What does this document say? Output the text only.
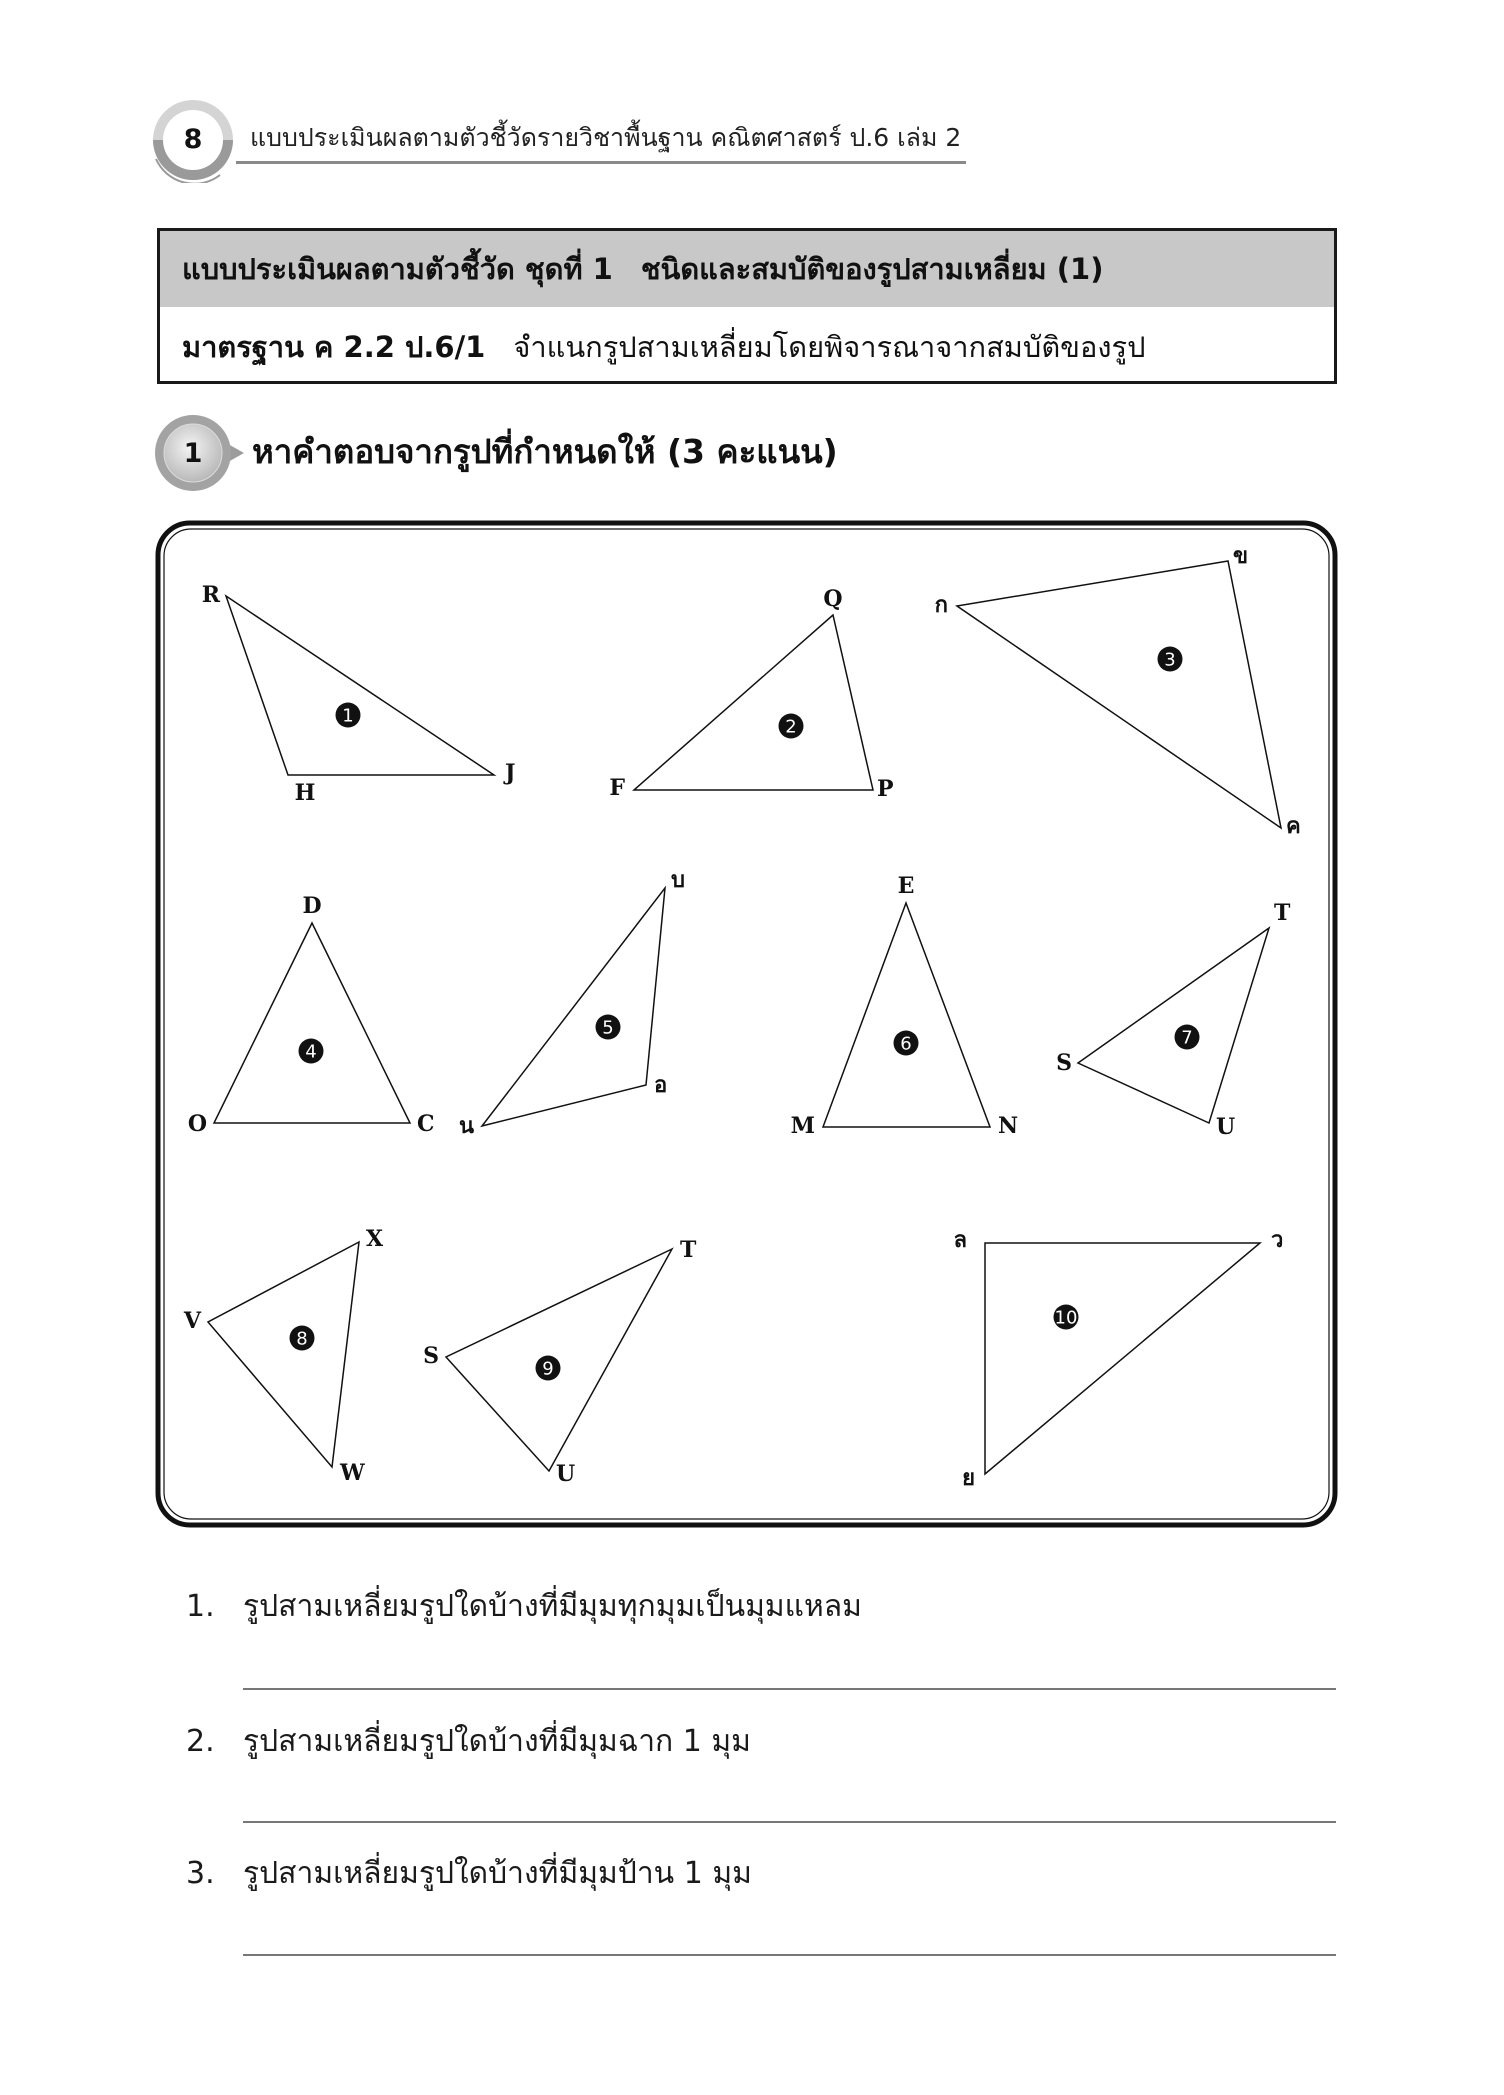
8	แบบประเมินผลตามตัวชี้วัดรายวิชาพื้นฐาน คณิตศาสตร์ ป.6 เล่ม 2
แบบประเมินผลตามตัวชี้วัด ชุดที่ 1 ชนิดและสมบัติของรูปสามเหลี่ยม (1)
มาตรฐาน ค 2.2 ป.6/1 จำแนกรูปสามเหลี่ยมโดยพิจารณาจากสมบัติของรูป
1	หาคำตอบจากรูปที่กำหนดให้ (3 คะแนน)
R
H
J
1
Q
F	P
2
ก
ข
ค
3
D
O	C
4
บ
น
อ
5
E
M	N
6
T
S
U
7
X
V
W
8
T
S
U
9
ล	ว
ย
10
1. รูปสามเหลี่ยมรูปใดบ้างที่มีมุมทุกมุมเป็นมุมแหลม
2. รูปสามเหลี่ยมรูปใดบ้างที่มีมุมฉาก 1 มุม
3. รูปสามเหลี่ยมรูปใดบ้างที่มีมุมป้าน 1 มุม
